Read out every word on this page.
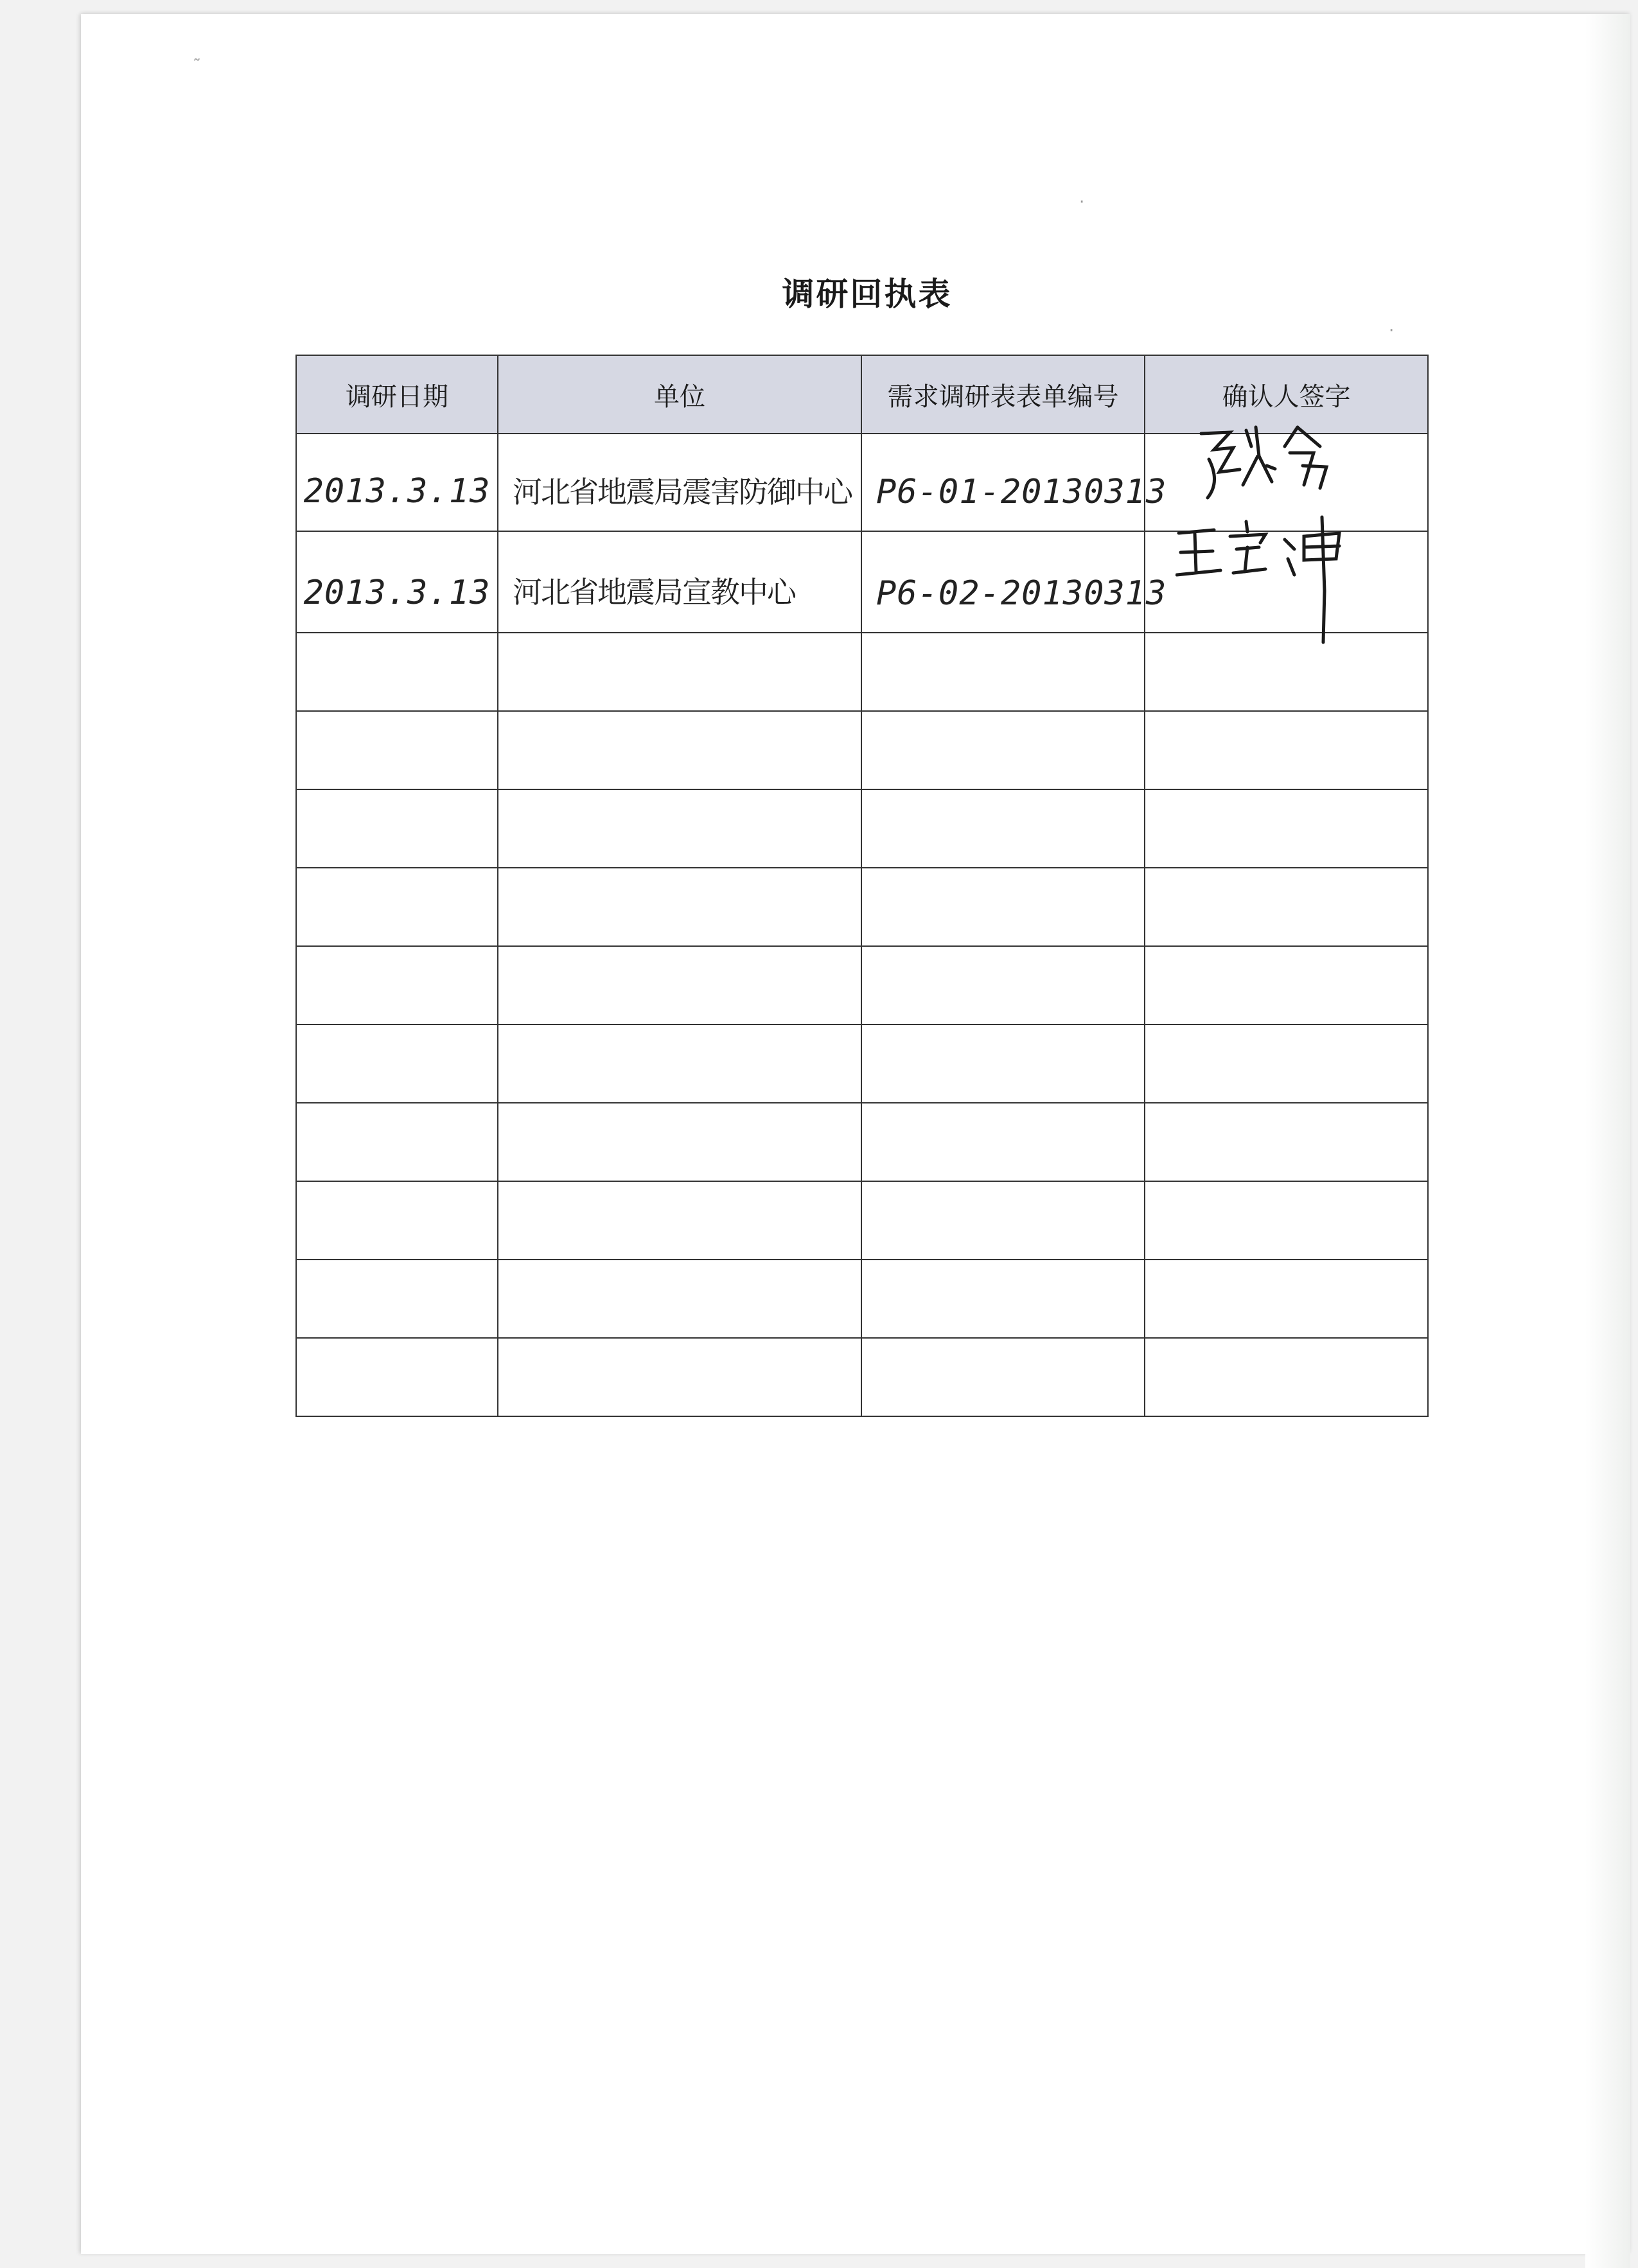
调研回执表
调研日期	单位	需求调研表表单编号	确认人签字
2013.3.13	河北省地震局震害防御中心	P6-01-20130313	
2013.3.13	河北省地震局宣教中心	P6-02-20130313	

˜
·
·
